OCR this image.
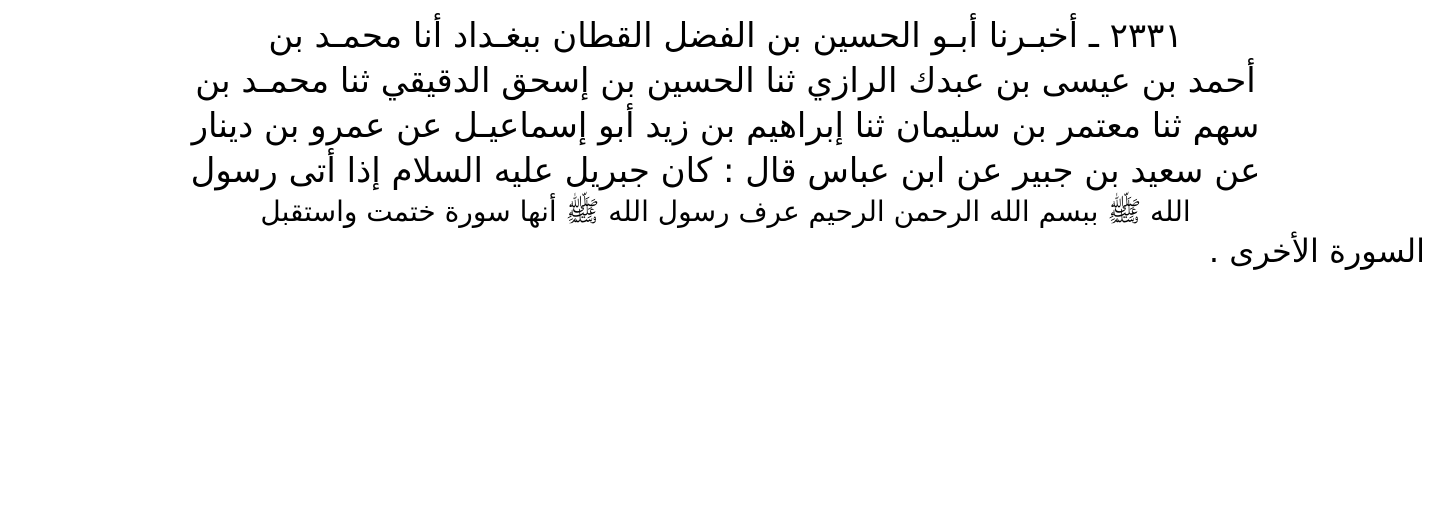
٢٣٣١ ـ أخبـرنا أبـو الحسين بن الفضل القطان ببغـداد أنا محمـد بن
أحمد بن عيسى بن عبدك الرازي ثنا الحسين بن إسحق الدقيقي ثنا محمـد بن
سهم ثنا معتمر بن سليمان ثنا إبراهيم بن زيد أبو إسماعيـل عن عمرو بن دينار
عن سعيد بن جبير عن ابن عباس قال : كان جبريل عليه السلام إذا أتى رسول
الله ﷺ ببسم الله الرحمن الرحيم عرف رسول الله ﷺ أنها سورة ختمت واستقبل
السورة الأخرى .
